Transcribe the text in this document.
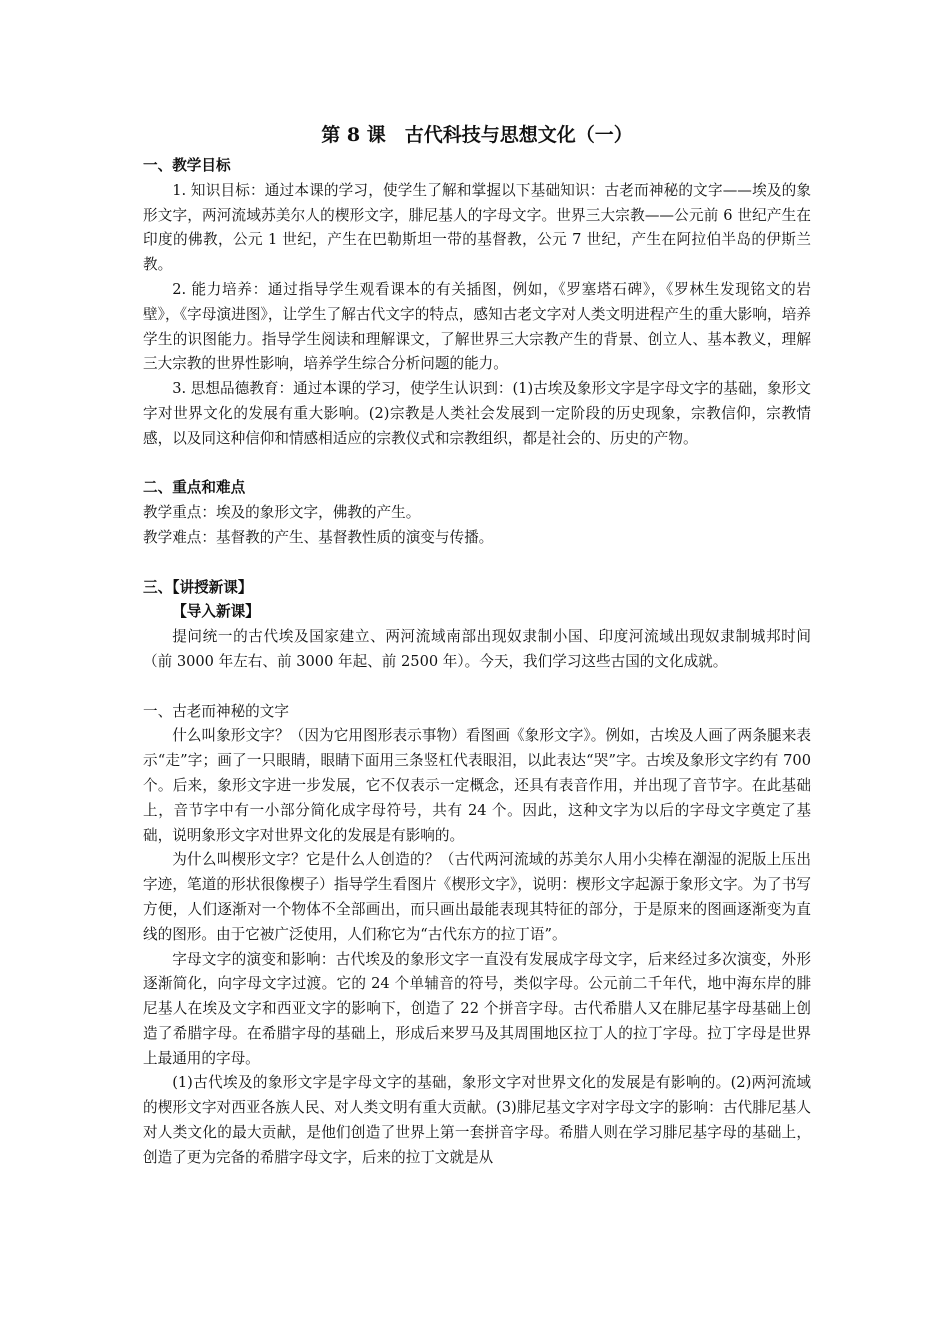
第 8 课　古代科技与思想文化（一）

一、教学目标

1. 知识目标：通过本课的学习，使学生了解和掌握以下基础知识：古老而神秘的文字——埃及的象形文字，两河流域苏美尔人的楔形文字，腓尼基人的字母文字。世界三大宗教——公元前 6 世纪产生在印度的佛教，公元 1 世纪，产生在巴勒斯坦一带的基督教，公元 7 世纪，产生在阿拉伯半岛的伊斯兰教。

2. 能力培养：通过指导学生观看课本的有关插图，例如，《罗塞塔石碑》，《罗林生发现铭文的岩壁》，《字母演进图》，让学生了解古代文字的特点，感知古老文字对人类文明进程产生的重大影响，培养学生的识图能力。指导学生阅读和理解课文，了解世界三大宗教产生的背景、创立人、基本教义，理解三大宗教的世界性影响，培养学生综合分析问题的能力。

3. 思想品德教育：通过本课的学习，使学生认识到：(1)古埃及象形文字是字母文字的基础，象形文字对世界文化的发展有重大影响。(2)宗教是人类社会发展到一定阶段的历史现象，宗教信仰，宗教情感，以及同这种信仰和情感相适应的宗教仪式和宗教组织，都是社会的、历史的产物。

二、重点和难点

教学重点：埃及的象形文字，佛教的产生。

教学难点：基督教的产生、基督教性质的演变与传播。

三、【讲授新课】

【导入新课】

提问统一的古代埃及国家建立、两河流域南部出现奴隶制小国、印度河流域出现奴隶制城邦时间（前 3000 年左右、前 3000 年起、前 2500 年）。今天，我们学习这些古国的文化成就。

一、古老而神秘的文字

什么叫象形文字？（因为它用图形表示事物）看图画《象形文字》。例如，古埃及人画了两条腿来表示“走”字；画了一只眼睛，眼睛下面用三条竖杠代表眼泪，以此表达“哭”字。古埃及象形文字约有 700 个。后来，象形文字进一步发展，它不仅表示一定概念，还具有表音作用，并出现了音节字。在此基础上，音节字中有一小部分简化成字母符号，共有 24 个。因此，这种文字为以后的字母文字奠定了基础，说明象形文字对世界文化的发展是有影响的。

为什么叫楔形文字？它是什么人创造的？（古代两河流域的苏美尔人用小尖棒在潮湿的泥版上压出字迹，笔道的形状很像楔子）指导学生看图片《楔形文字》，说明：楔形文字起源于象形文字。为了书写方便，人们逐渐对一个物体不全部画出，而只画出最能表现其特征的部分，于是原来的图画逐渐变为直线的图形。由于它被广泛使用，人们称它为“古代东方的拉丁语”。

字母文字的演变和影响：古代埃及的象形文字一直没有发展成字母文字，后来经过多次演变，外形逐渐简化，向字母文字过渡。它的 24 个单辅音的符号，类似字母。公元前二千年代，地中海东岸的腓尼基人在埃及文字和西亚文字的影响下，创造了 22 个拼音字母。古代希腊人又在腓尼基字母基础上创造了希腊字母。在希腊字母的基础上，形成后来罗马及其周围地区拉丁人的拉丁字母。拉丁字母是世界上最通用的字母。

(1)古代埃及的象形文字是字母文字的基础，象形文字对世界文化的发展是有影响的。(2)两河流域的楔形文字对西亚各族人民、对人类文明有重大贡献。(3)腓尼基文字对字母文字的影响：古代腓尼基人对人类文化的最大贡献，是他们创造了世界上第一套拼音字母。希腊人则在学习腓尼基字母的基础上，创造了更为完备的希腊字母文字，后来的拉丁文就是从
